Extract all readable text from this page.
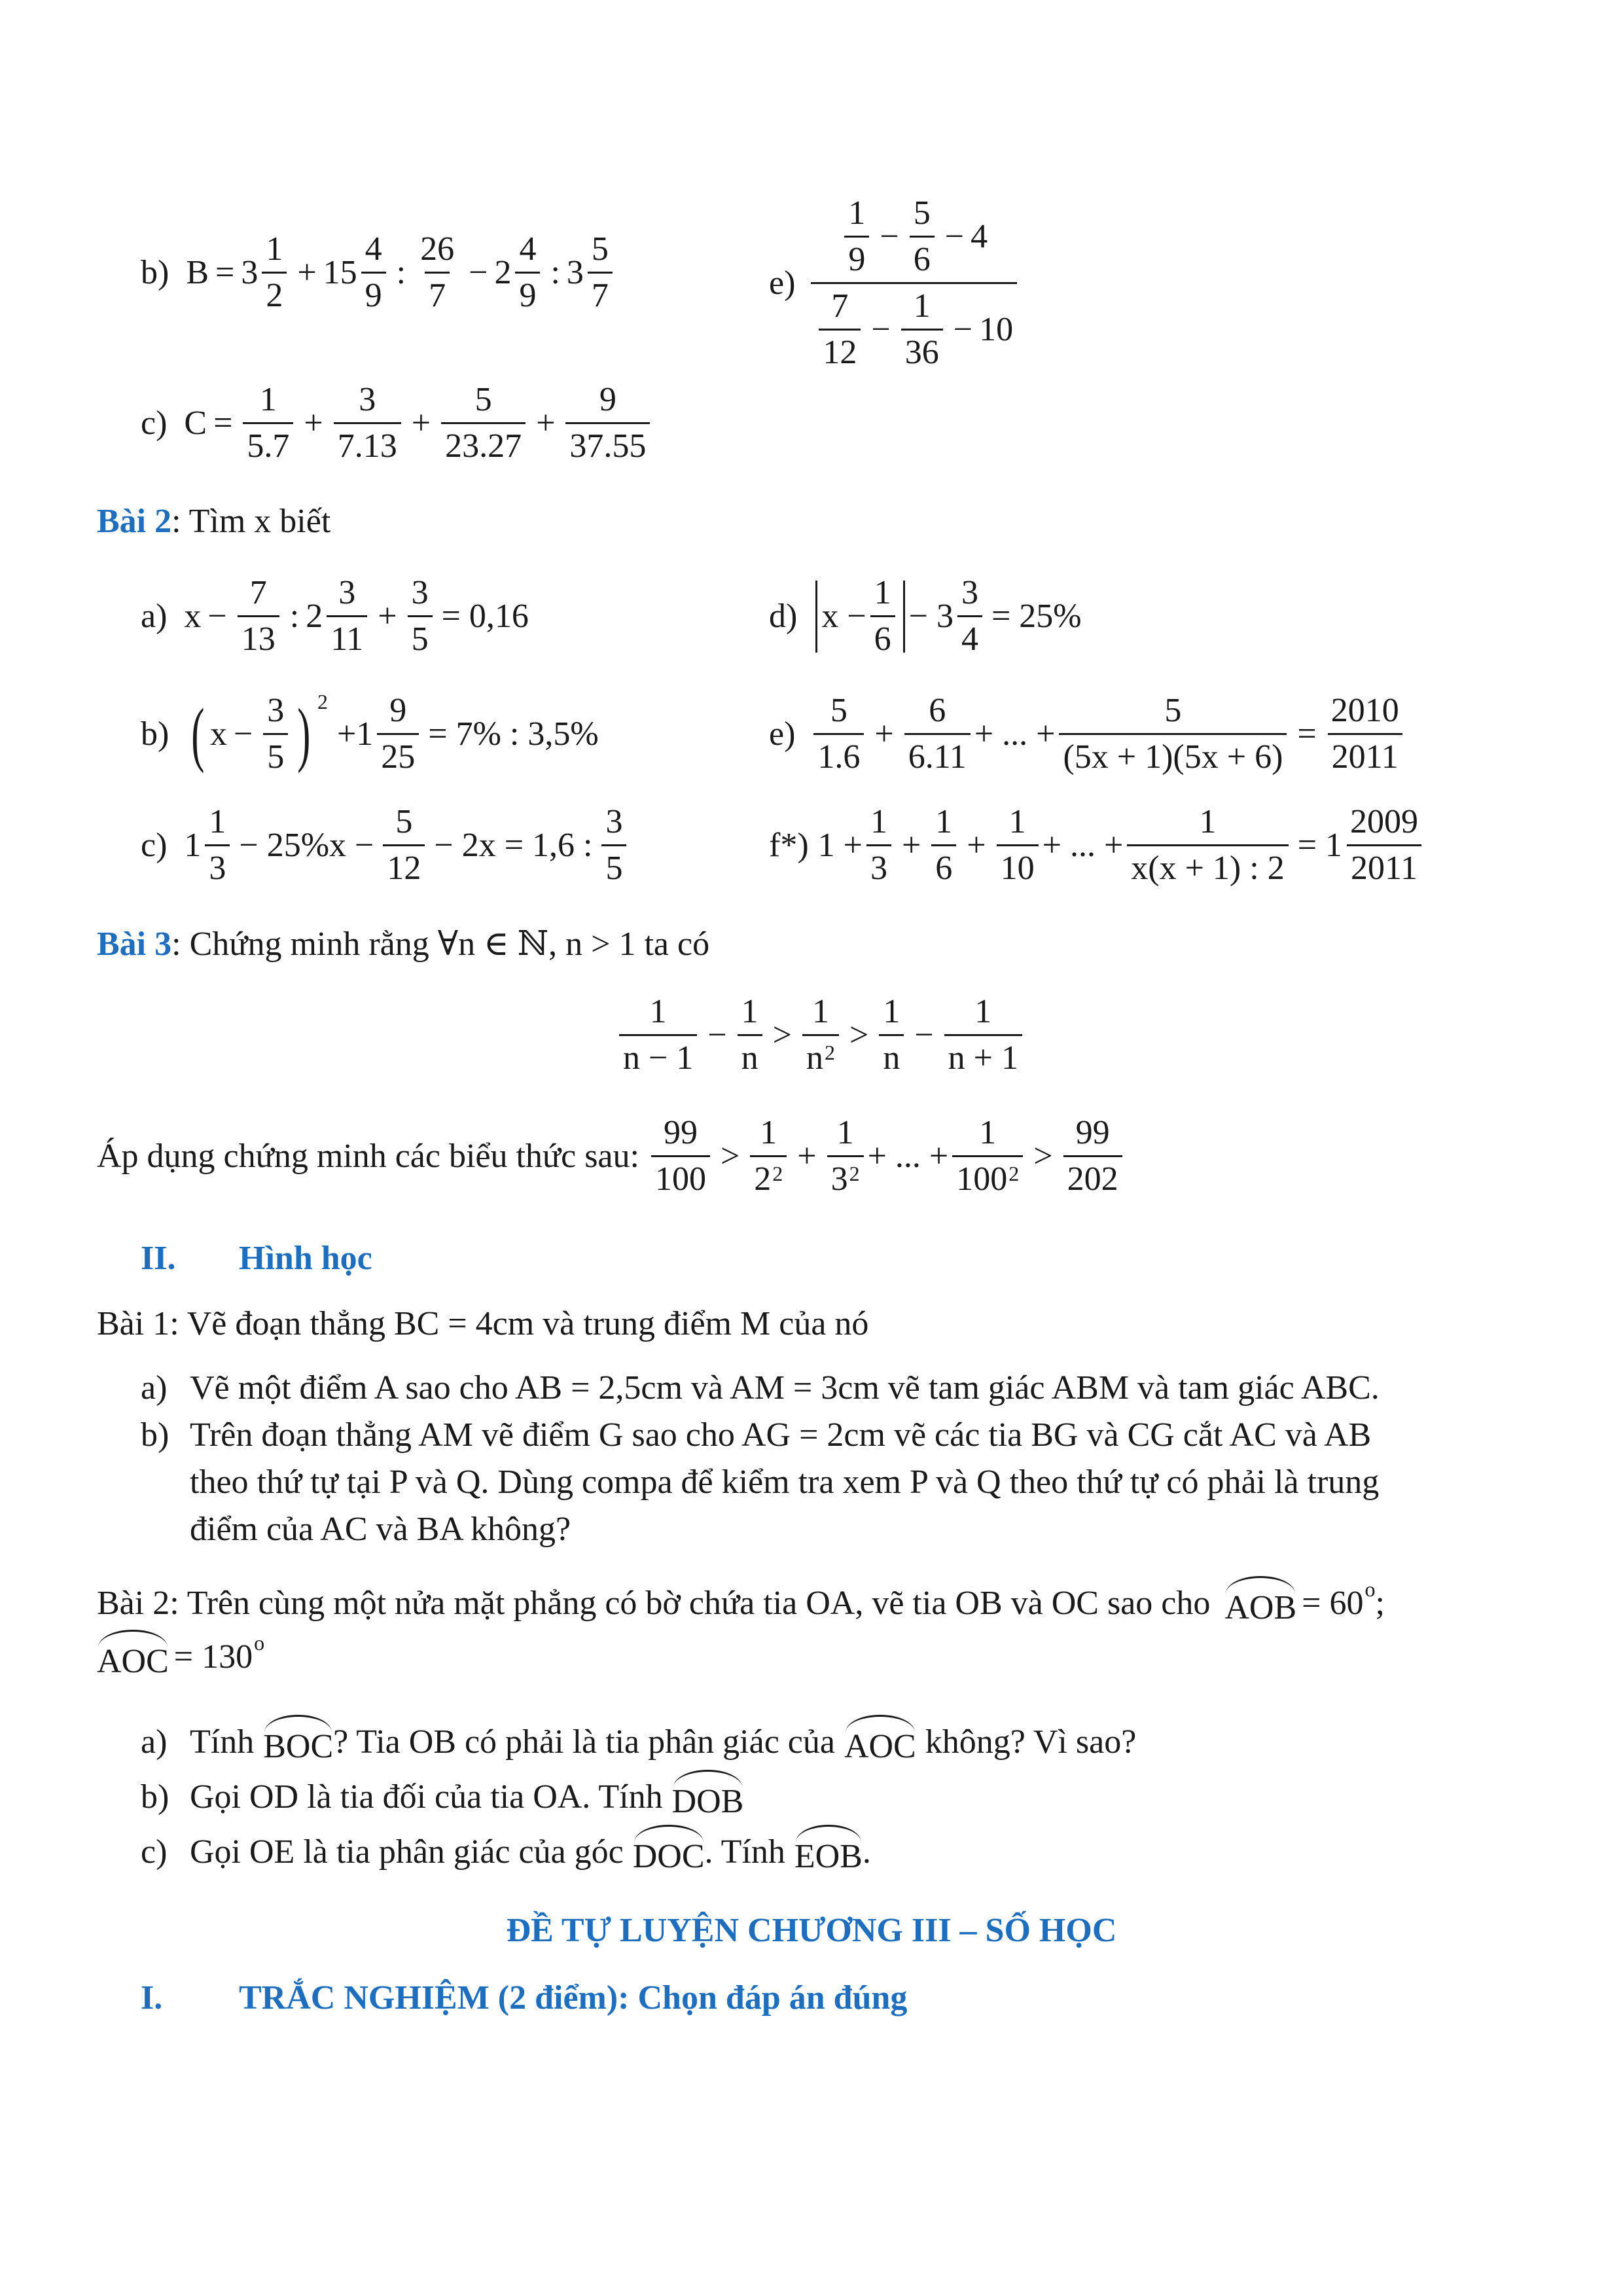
b) $B = 3 \frac{1}{2} + 15 \frac{4}{9}$ : $\frac{26}{7} - 2 \frac{4}{9}$ : $3 \frac{5}{7}$	$e) \frac{\frac{1}{9} - \frac{5}{6} - 4}{\frac{7}{12} - \frac{1}{36} - 10}$
c) $C = \frac{1}{5.7} + \frac{3}{7.13} + \frac{5}{23.27} + \frac{9}{37.55}$
Bài 2: Tìm x biết
a) $x - \frac{7}{13}$ : $2 \frac{3}{11} + \frac{3}{5} = 0,16$	d) $x - \frac{1}{6} - 3 \frac{3}{4} = 25\%$
b) ( $x - \frac{3}{5}$ ) 2
$+1 \frac{9}{25} = 7\%$ : 3,5%	$e) \frac{5}{1.6} + \frac{6}{6.11}$ + ... + $\frac{5}{(5x + 1)(5x + 6)} = \frac{2010}{2011}$
c) $1 \frac{1}{3} - 25\%x - \frac{5}{12} - 2x = 1,6$ : $\frac{3}{5}$	f*) $1 + \frac{1}{3} + \frac{1}{6} + \frac{1}{10}$ + ... + $\frac{1}{x(x + 1) : 2} = 1 \frac{2009}{2011}$
Bài 3: Chứng minh rằng ∀n ∈ ℕ, n > 1 ta có
$\frac{1}{n - 1} - \frac{1}{n} > \frac{1}{n^2} > \frac{1}{n} - \frac{1}{n + 1}$
Áp dụng chứng minh các biểu thức sau: $\frac{99}{100} > \frac{1}{2^2} + \frac{1}{3^2}$ + ... + $\frac{1}{100^2} > \frac{99}{202}$
II. Hình học
Bài 1: Vẽ đoạn thẳng BC = 4cm và trung điểm M của nó
a) Vẽ một điểm A sao cho AB = 2,5cm và AM = 3cm vẽ tam giác ABM và tam giác ABC.
b) Trên đoạn thẳng AM vẽ điểm G sao cho AG = 2cm vẽ các tia BG và CG cắt AC và AB
theo thứ tự tại P và Q. Dùng compa để kiểm tra xem P và Q theo thứ tự có phải là trung
điểm của AC và BA không?
Bài 2: Trên cùng một nửa mặt phẳng có bờ chứa tia OA, vẽ tia OB và OC sao cho AOB = 60 o ;
AOC = 130 o
a) Tính BOC ? Tia OB có phải là tia phân giác của AOC không? Vì sao?
b) Gọi OD là tia đối của tia OA. Tính DOB
c) Gọi OE là tia phân giác của góc DOC . Tính EOB .
ĐỀ TỰ LUYỆN CHƯƠNG III – SỐ HỌC
I. TRẮC NGHIỆM (2 điểm): Chọn đáp án đúng
